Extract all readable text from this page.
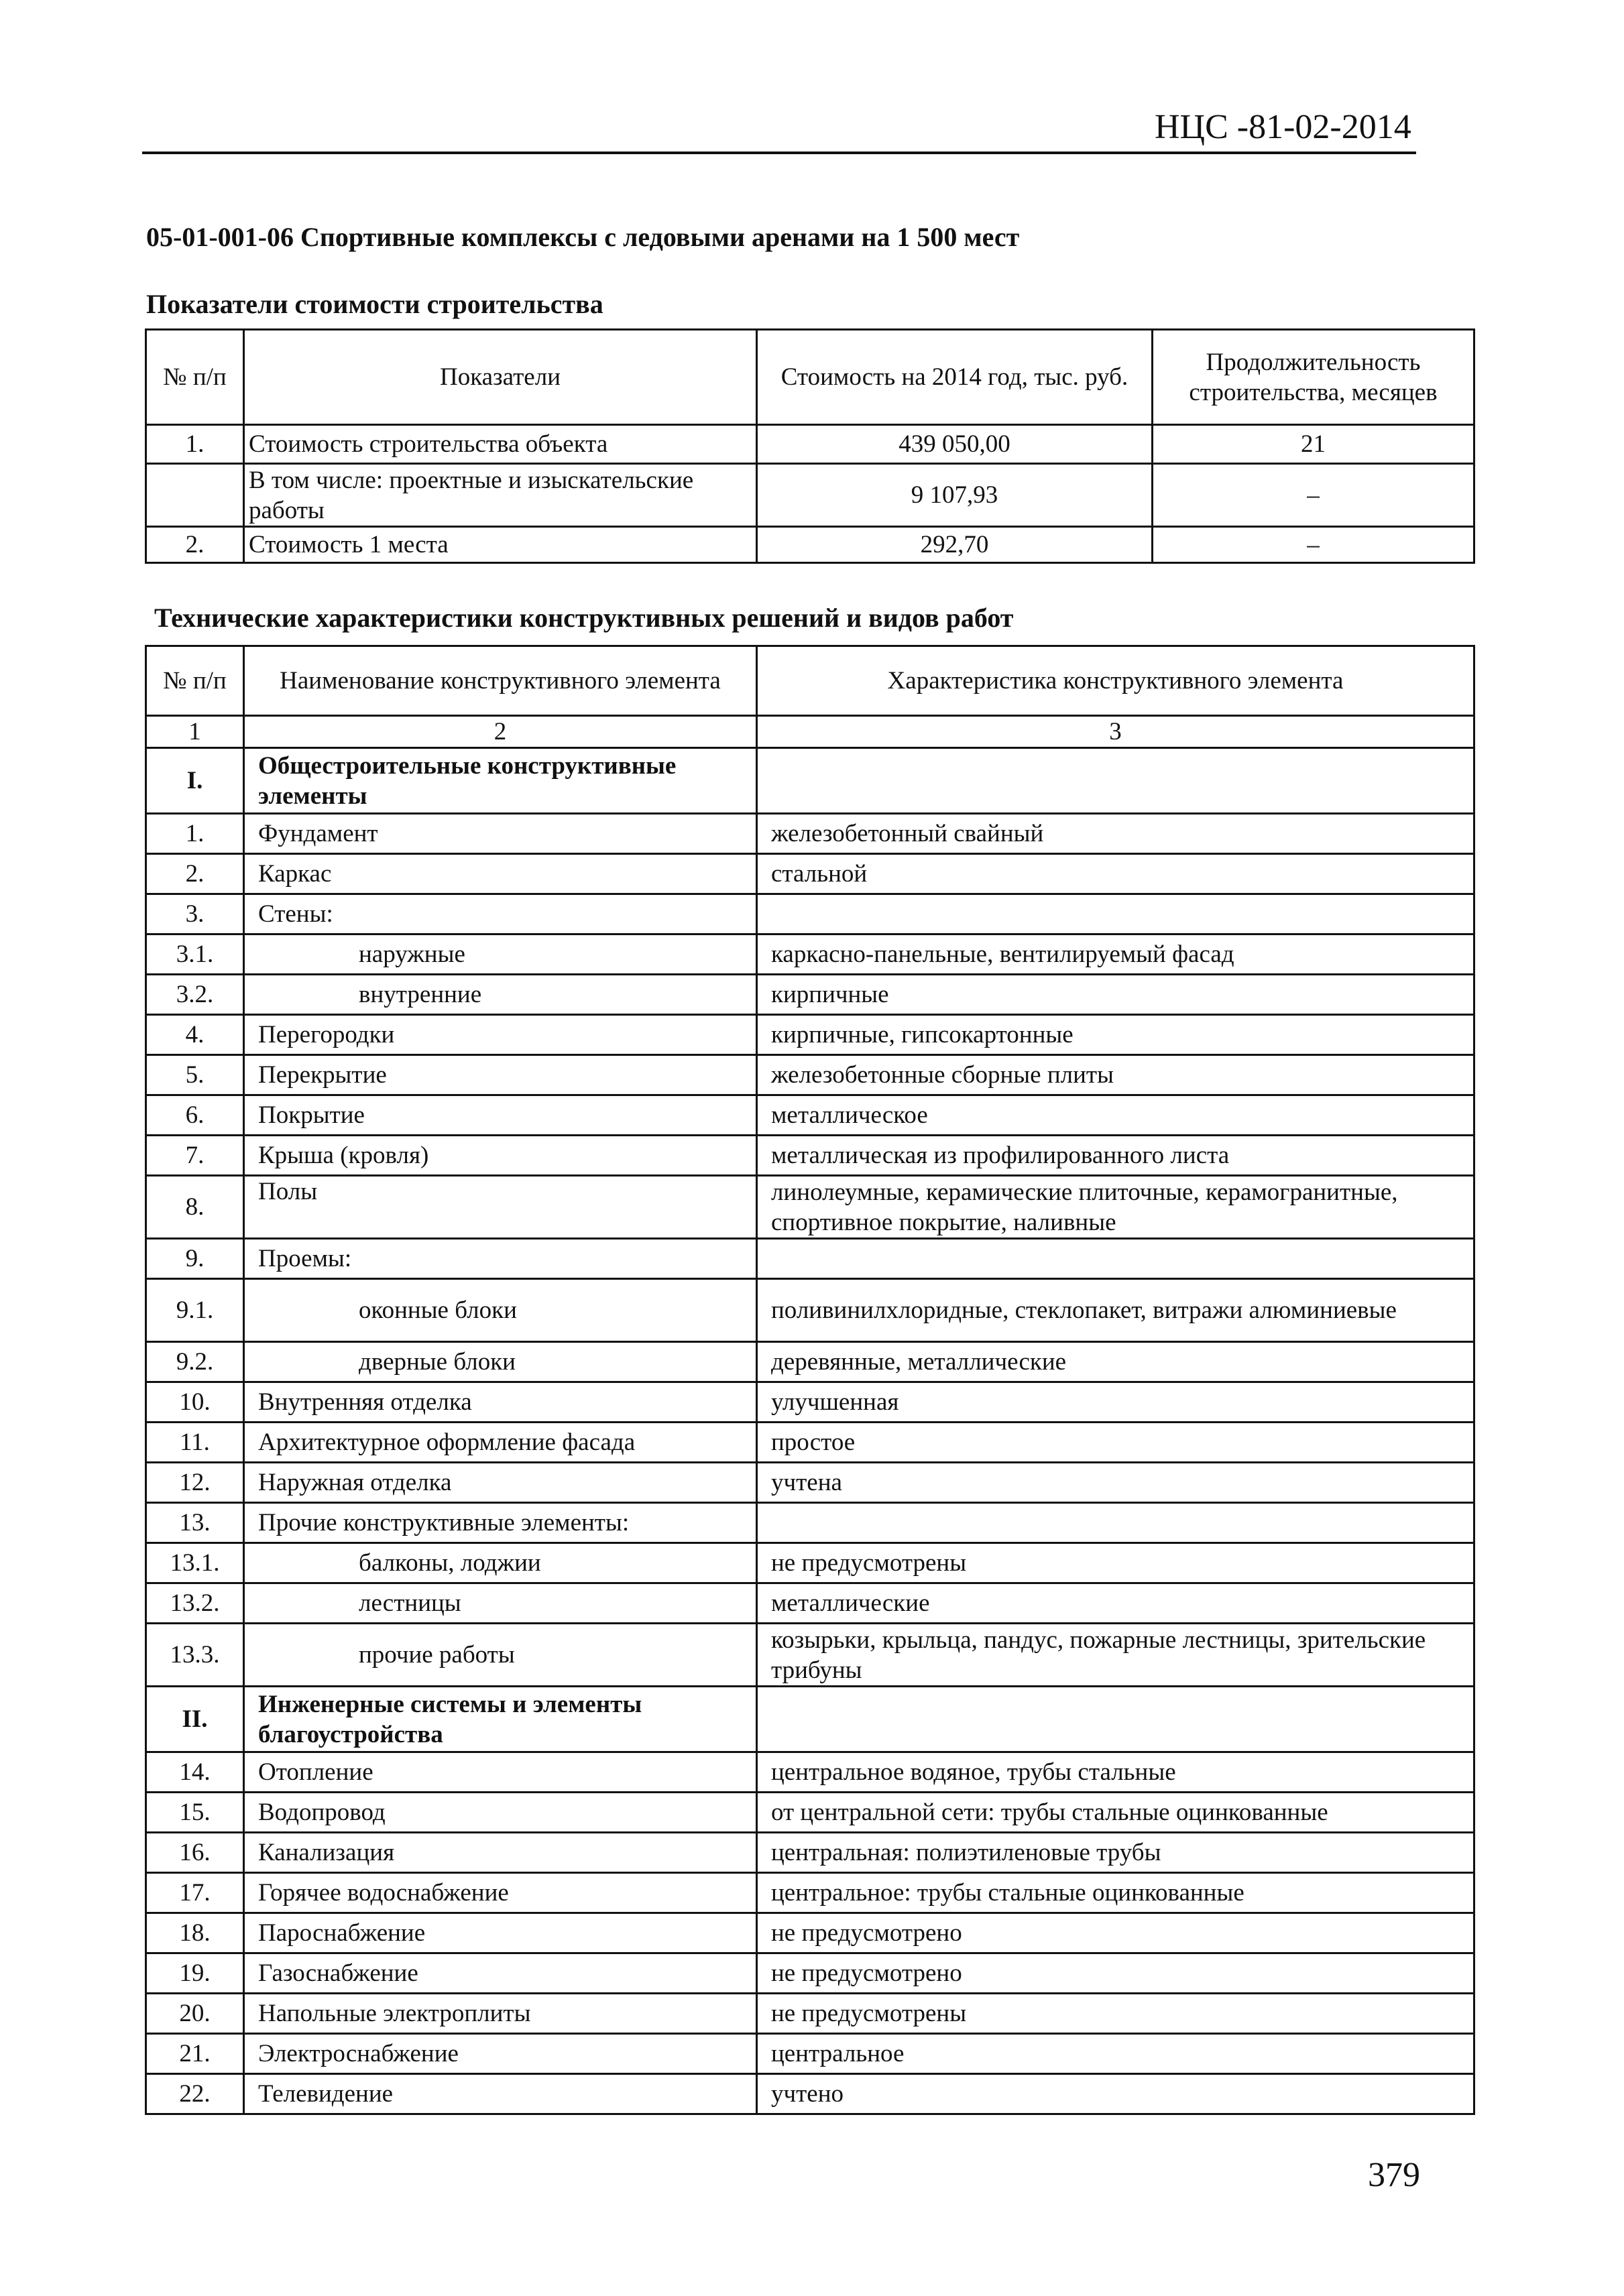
НЦС -81-02-2014
05-01-001-06 Спортивные комплексы с ледовыми аренами на 1 500 мест
Показатели стоимости строительства
№ п/п	Показатели	Стоимость на 2014 год, тыс. руб.	Продолжительность строительства, месяцев
1.	Стоимость строительства объекта	439 050,00	21
	В том числе: проектные и изыскательские работы	9 107,93	–
2.	Стоимость 1 места	292,70	–
Технические характеристики конструктивных решений и видов работ
№ п/п	Наименование конструктивного элемента	Характеристика конструктивного элемента
1	2	3
I.	Общестроительные конструктивные элементы	
1.	Фундамент	железобетонный свайный
2.	Каркас	стальной
3.	Стены:	
3.1.	наружные	каркасно-панельные, вентилируемый фасад
3.2.	внутренние	кирпичные
4.	Перегородки	кирпичные, гипсокартонные
5.	Перекрытие	железобетонные сборные плиты
6.	Покрытие	металлическое
7.	Крыша (кровля)	металлическая из профилированного листа
8.	Полы	линолеумные, керамические плиточные, керамогранитные, спортивное покрытие, наливные
9.	Проемы:	
9.1.	оконные блоки	поливинилхлоридные, стеклопакет, витражи алюминиевые
9.2.	дверные блоки	деревянные, металлические
10.	Внутренняя отделка	улучшенная
11.	Архитектурное оформление фасада	простое
12.	Наружная отделка	учтена
13.	Прочие конструктивные элементы:	
13.1.	балконы, лоджии	не предусмотрены
13.2.	лестницы	металлические
13.3.	прочие работы	козырьки, крыльца, пандус, пожарные лестницы, зрительские трибуны
II.	Инженерные системы и элементы благоустройства	
14.	Отопление	центральное водяное, трубы стальные
15.	Водопровод	от центральной сети: трубы стальные оцинкованные
16.	Канализация	центральная: полиэтиленовые трубы
17.	Горячее водоснабжение	центральное: трубы стальные оцинкованные
18.	Пароснабжение	не предусмотрено
19.	Газоснабжение	не предусмотрено
20.	Напольные электроплиты	не предусмотрены
21.	Электроснабжение	центральное
22.	Телевидение	учтено
379
